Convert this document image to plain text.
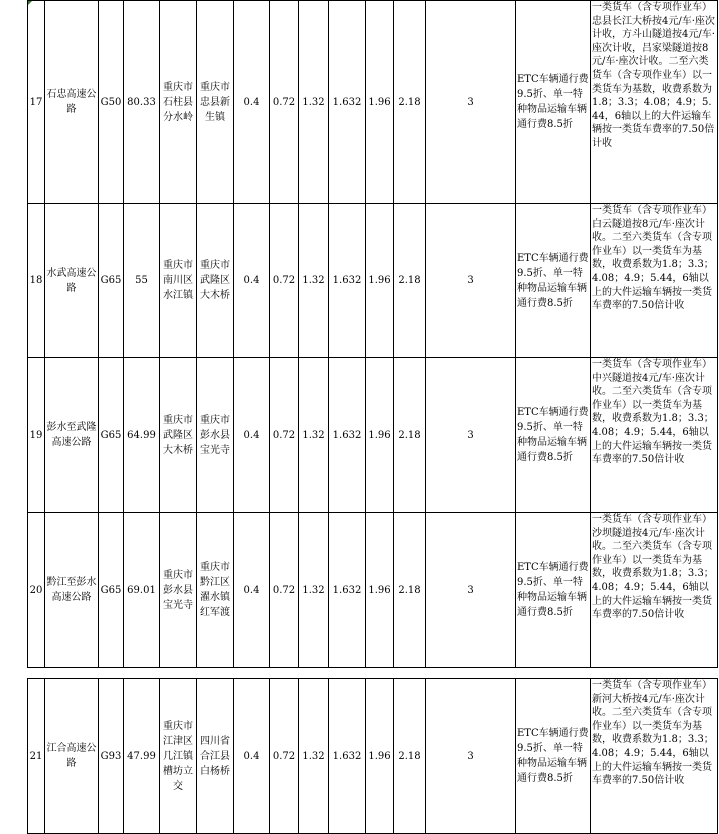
17	石忠高速公路	G50	80.33	重庆市石柱县分水岭	重庆市忠县新生镇	0.4	0.72	1.32	1.632	1.96	2.18	3	ETC车辆通行费9.5折、单一特种物品运输车辆通行费8.5折	一类货车（含专项作业车）忠县长江大桥按4元/车·座次计收，方斗山隧道按4元/车·座次计收，吕家梁隧道按8元/车·座次计收。二至六类货车（含专项作业车）以一类货车为基数，收费系数为1.8；3.3；4.08；4.9；5.44，6轴以上的大件运输车辆按一类货车费率的7.50倍计收
18	水武高速公路	G65	55	重庆市南川区水江镇	重庆市武隆区大木桥	0.4	0.72	1.32	1.632	1.96	2.18	3	ETC车辆通行费9.5折、单一特种物品运输车辆通行费8.5折	一类货车（含专项作业车）白云隧道按8元/车·座次计收。二至六类货车（含专项作业车）以一类货车为基数，收费系数为1.8；3.3；4.08；4.9；5.44，6轴以上的大件运输车辆按一类货车费率的7.50倍计收
19	彭水至武隆高速公路	G65	64.99	重庆市武隆区大木桥	重庆市彭水县宝光寺	0.4	0.72	1.32	1.632	1.96	2.18	3	ETC车辆通行费9.5折、单一特种物品运输车辆通行费8.5折	一类货车（含专项作业车）中兴隧道按4元/车·座次计收。二至六类货车（含专项作业车）以一类货车为基数，收费系数为1.8；3.3；4.08；4.9；5.44，6轴以上的大件运输车辆按一类货车费率的7.50倍计收
20	黔江至彭水高速公路	G65	69.01	重庆市彭水县宝光寺	重庆市黔江区濯水镇红军渡	0.4	0.72	1.32	1.632	1.96	2.18	3	ETC车辆通行费9.5折、单一特种物品运输车辆通行费8.5折	一类货车（含专项作业车）沙坝隧道按4元/车·座次计收。二至六类货车（含专项作业车）以一类货车为基数，收费系数为1.8；3.3；4.08；4.9；5.44，6轴以上的大件运输车辆按一类货车费率的7.50倍计收

21	江合高速公路	G93	47.99	重庆市江津区几江镇槽坊立交	四川省合江县白杨桥	0.4	0.72	1.32	1.632	1.96	2.18	3	ETC车辆通行费9.5折、单一特种物品运输车辆通行费8.5折	一类货车（含专项作业车）新河大桥按4元/车·座次计收。二至六类货车（含专项作业车）以一类货车为基数，收费系数为1.8；3.3；4.08；4.9；5.44，6轴以上的大件运输车辆按一类货车费率的7.50倍计收
